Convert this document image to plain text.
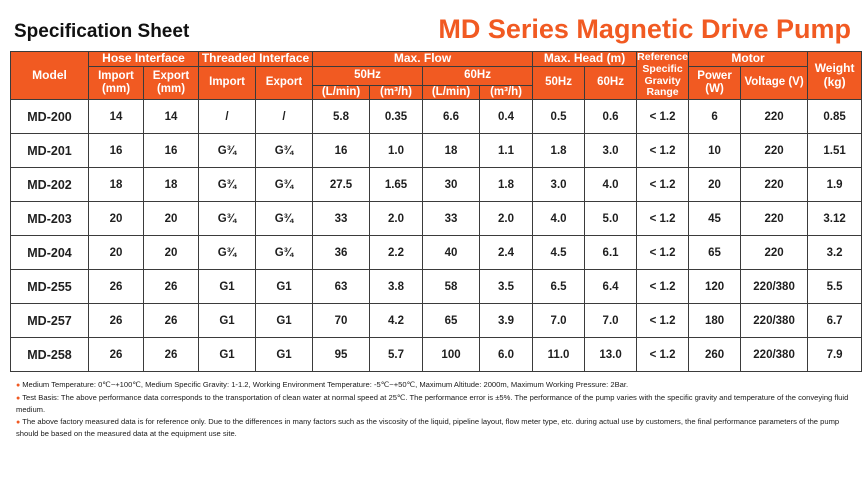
Specification Sheet	MD Series Magnetic Drive Pump
Model	Hose Interface		Threaded Interface		Max. Flow				Max. Head (m)		Reference Specific Gravity Range	Motor		Weight (kg)
	Import (mm)	Export (mm)	Import	Export	50Hz		60Hz		50Hz	60Hz		Power (W)	Voltage (V)	
					(L/min)	(m³/h)	(L/min)	(m³/h)						
MD-200	14	14	/	/	5.8	0.35	6.6	0.4	0.5	0.6	< 1.2	6	220	0.85
MD-201	16	16	G¾	G¾	16	1.0	18	1.1	1.8	3.0	< 1.2	10	220	1.51
MD-202	18	18	G¾	G¾	27.5	1.65	30	1.8	3.0	4.0	< 1.2	20	220	1.9
MD-203	20	20	G¾	G¾	33	2.0	33	2.0	4.0	5.0	< 1.2	45	220	3.12
MD-204	20	20	G¾	G¾	36	2.2	40	2.4	4.5	6.1	< 1.2	65	220	3.2
MD-255	26	26	G1	G1	63	3.8	58	3.5	6.5	6.4	< 1.2	120	220/380	5.5
MD-257	26	26	G1	G1	70	4.2	65	3.9	7.0	7.0	< 1.2	180	220/380	6.7
MD-258	26	26	G1	G1	95	5.7	100	6.0	11.0	13.0	< 1.2	260	220/380	7.9
● Medium Temperature: 0℃~+100℃, Medium Specific Gravity: 1-1.2, Working Environment Temperature: -5℃~+50℃, Maximum Altitude: 2000m, Maximum Working Pressure: 2Bar.
● Test Basis: The above performance data corresponds to the transportation of clean water at normal speed at 25℃. The performance error is ±5%. The performance of the pump varies with the specific gravity and temperature of the conveying fluid medium.
● The above factory measured data is for reference only. Due to the differences in many factors such as the viscosity of the liquid, pipeline layout, flow meter type, etc. during actual use by customers, the final performance parameters of the pump should be based on the measured data at the equipment use site.
